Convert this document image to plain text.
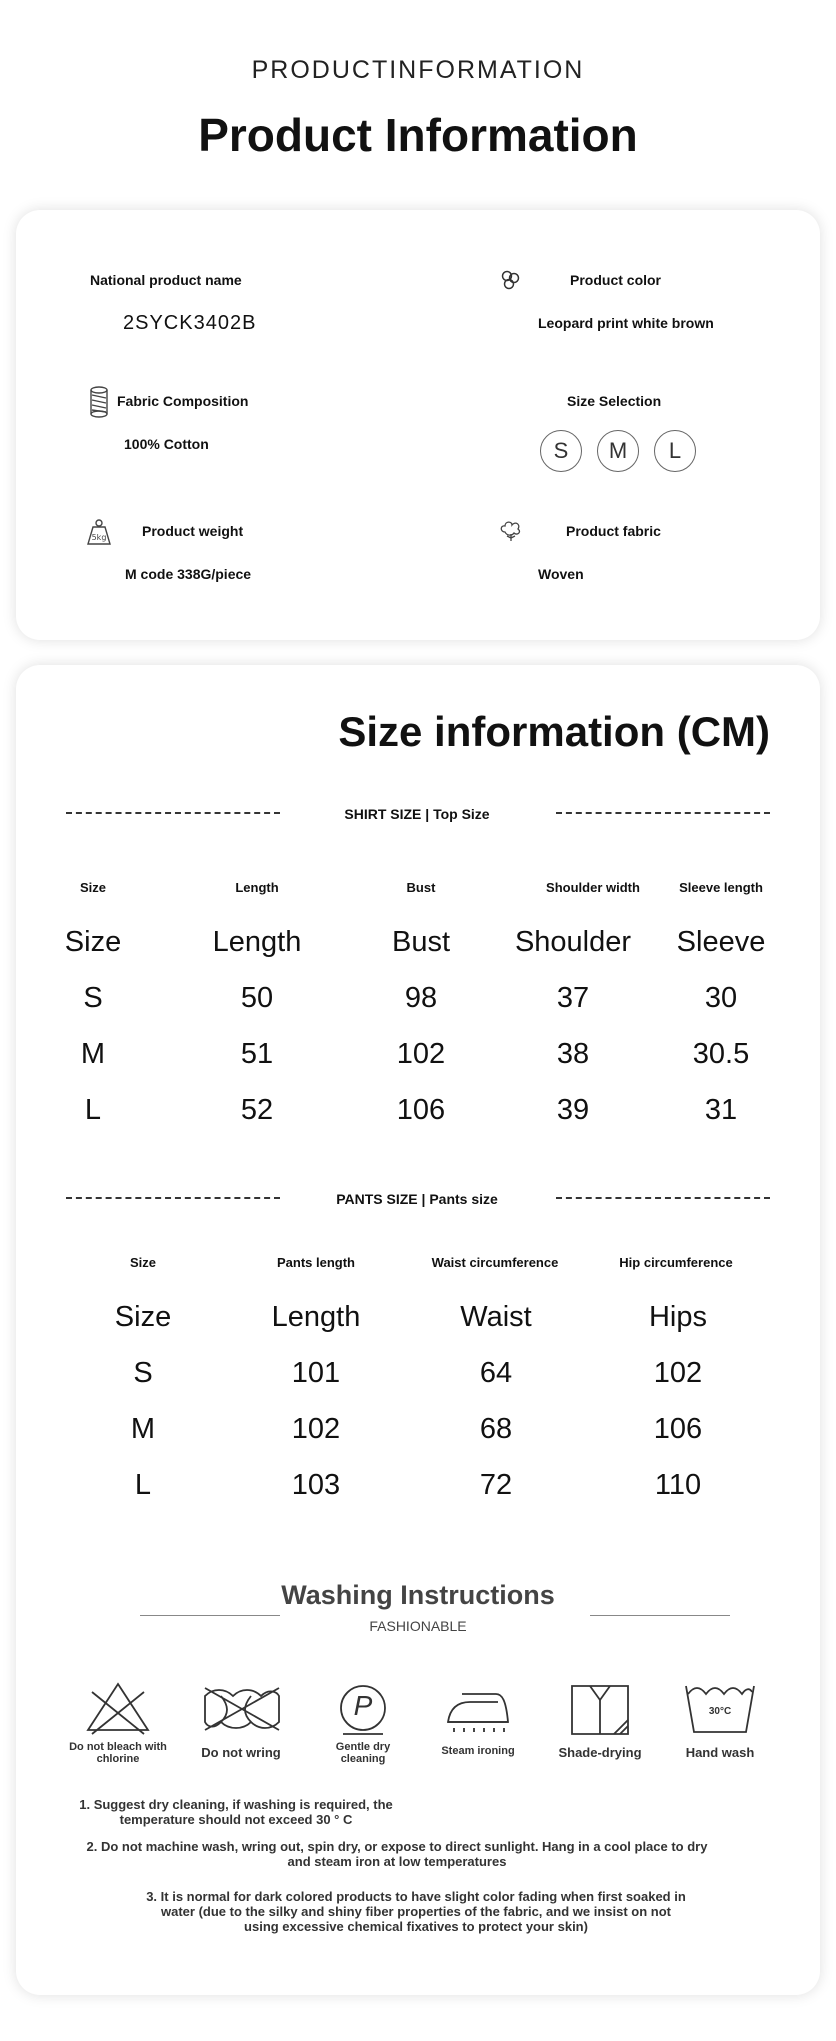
PRODUCTINFORMATION
Product Information
National product name
2SYCK3402B
Product color
Leopard print white brown
Fabric Composition
100% Cotton
Size Selection
S	M	L
5kg	Product weight
M code 338G/piece
Product fabric
Woven
Size information (CM)
SHIRT SIZE | Top Size
Size	Length	Bust	Shoulder width	Sleeve length
Size	Length	Bust	Shoulder	Sleeve
S	50	98	37	30
M	51	102	38	30.5
L	52	106	39	31
PANTS SIZE | Pants size
Size	Pants length	Waist circumference	Hip circumference
Size	Length	Waist	Hips
S	101	64	102
M	102	68	106
L	103	72	110
Washing Instructions
FASHIONABLE
Do not bleach with chlorine	Do not wring
P
Gentle dry cleaning
Steam ironing	Shade-drying
30°C
Hand wash
1. Suggest dry cleaning, if washing is required, the temperature should not exceed 30 ° C
2. Do not machine wash, wring out, spin dry, or expose to direct sunlight. Hang in a cool place to dry and steam iron at low temperatures
3. It is normal for dark colored products to have slight color fading when first soaked in water (due to the silky and shiny fiber properties of the fabric, and we insist on not using excessive chemical fixatives to protect your skin)
